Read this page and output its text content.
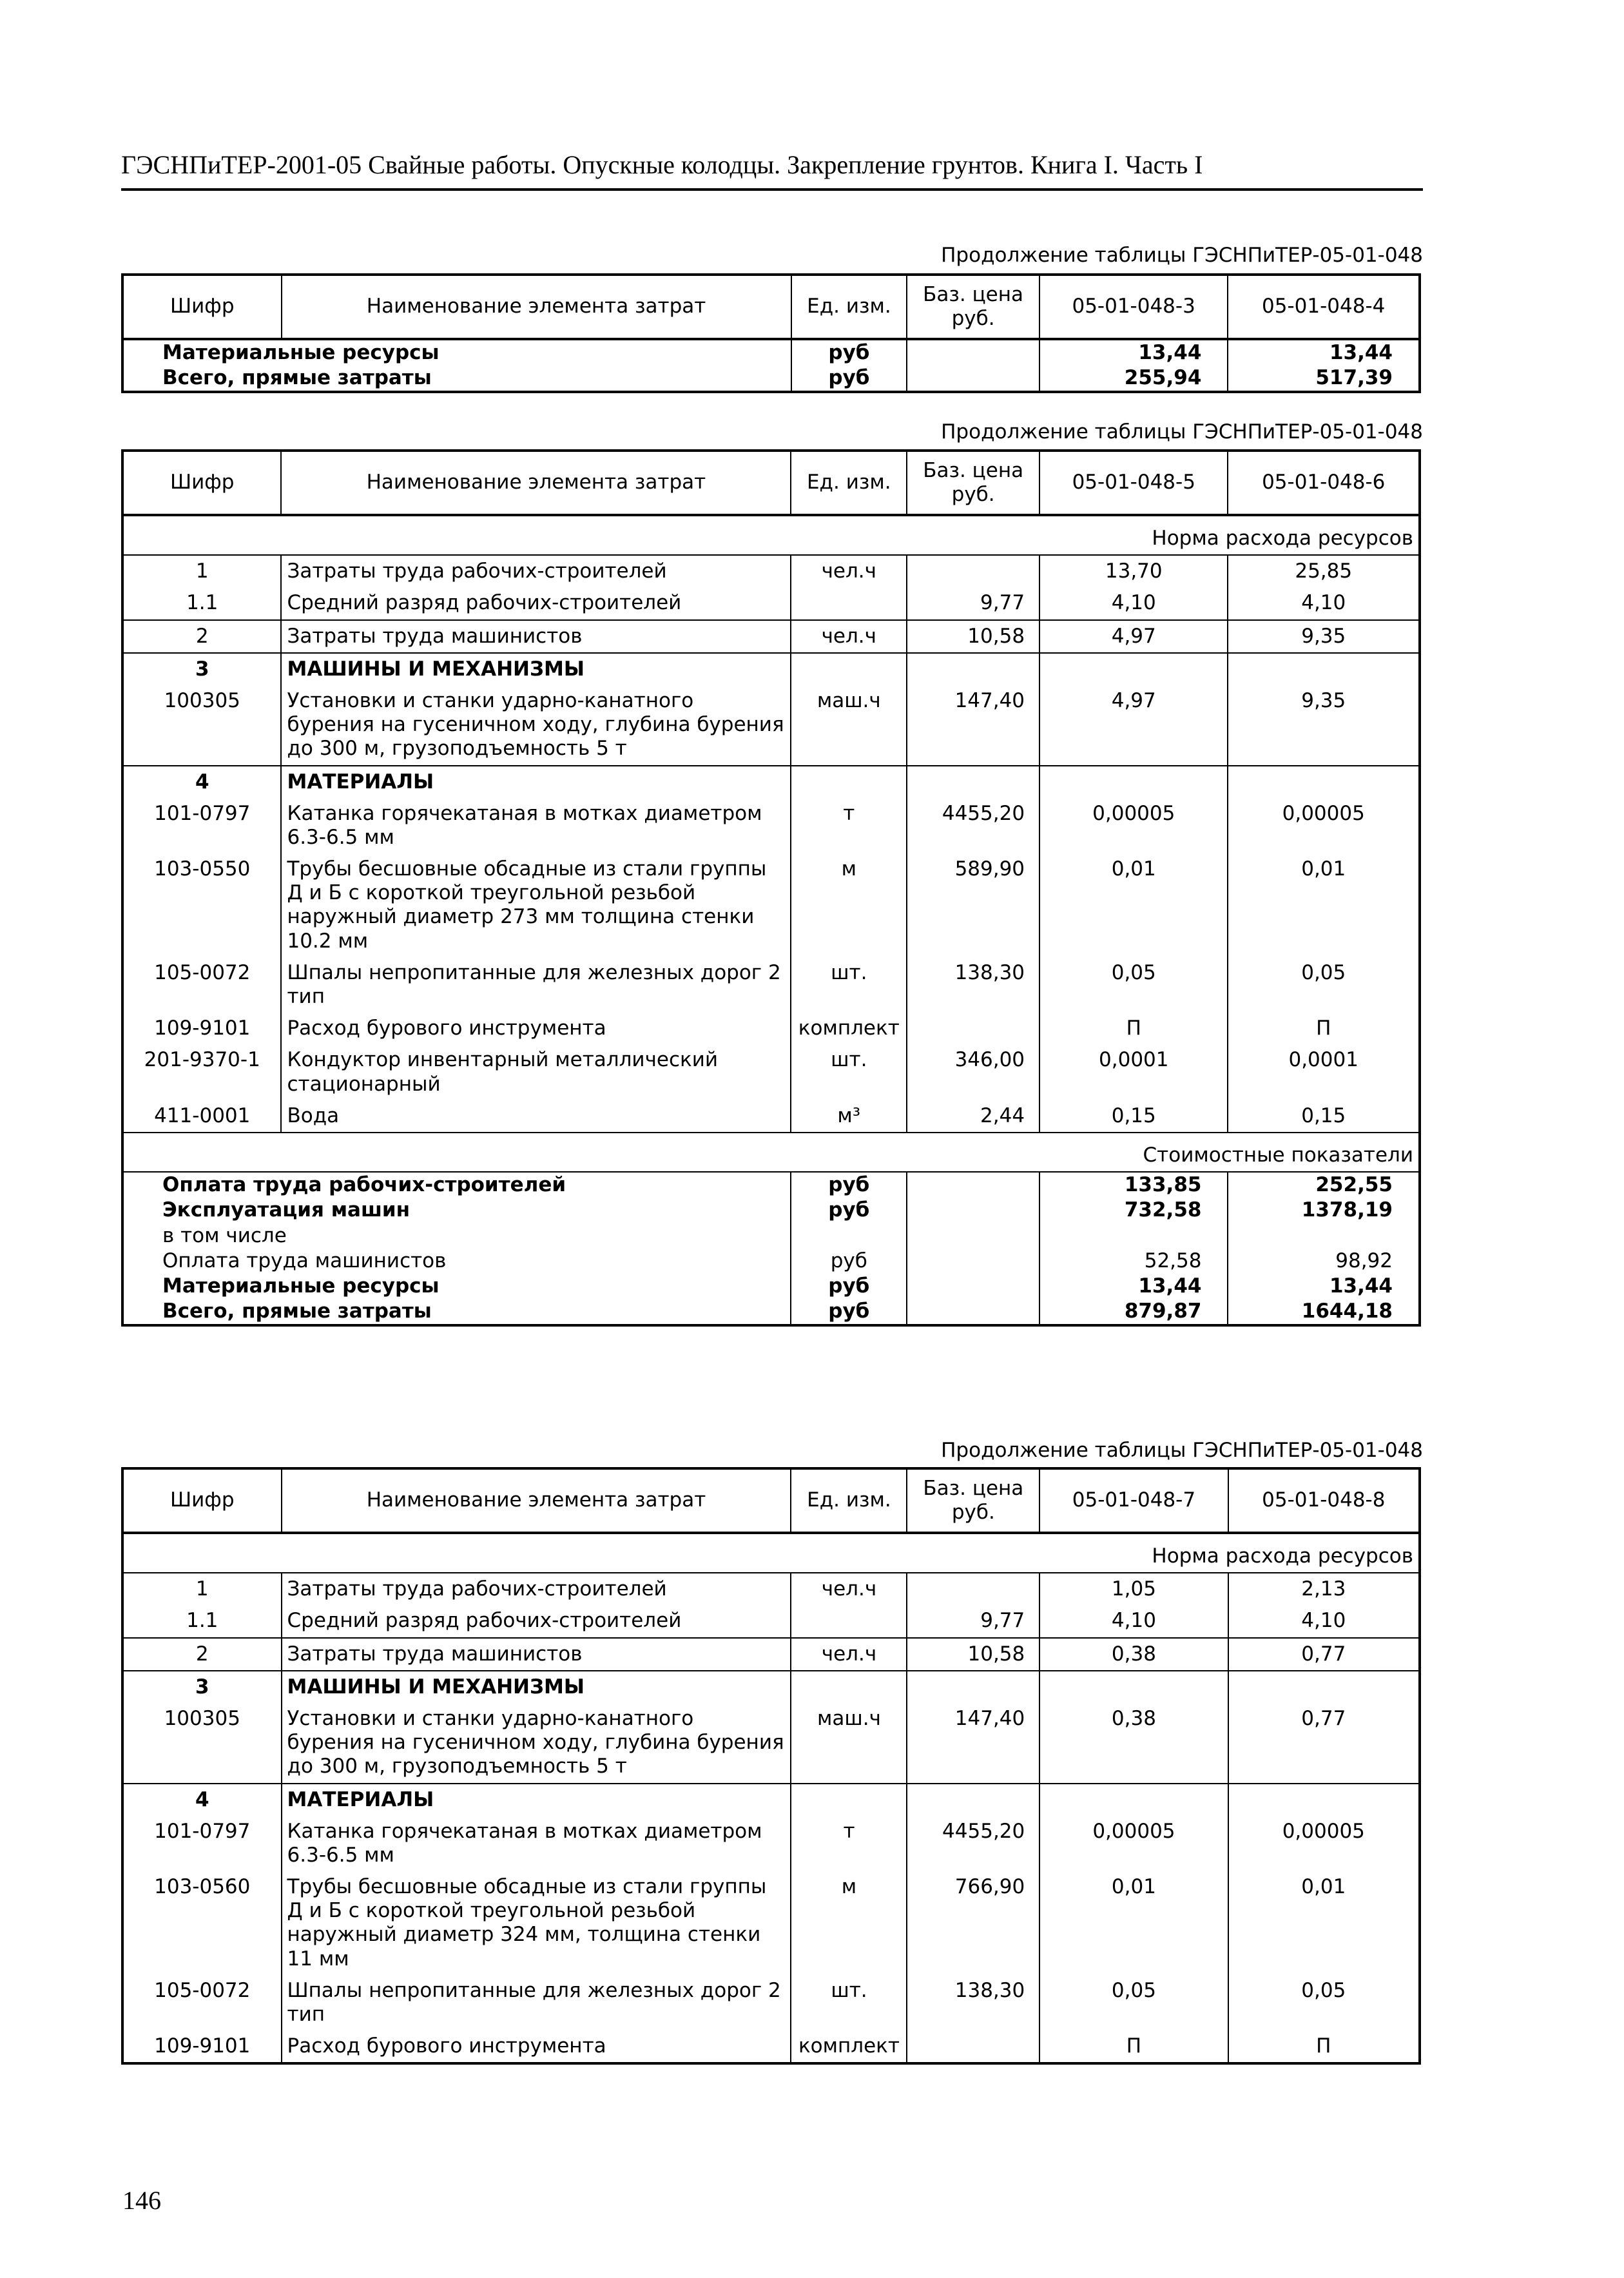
ГЭСНПиТЕР-2001-05 Свайные работы. Опускные колодцы. Закрепление грунтов. Книга I. Часть I
Продолжение таблицы ГЭСНПиТЕР-05-01-048
Шифр	Наименование элемента затрат	Ед. изм.	Баз. цена руб.	05-01-048-3	05-01-048-4
Материальные ресурсы		руб		13,44	13,44
Всего, прямые затраты		руб		255,94	517,39
Продолжение таблицы ГЭСНПиТЕР-05-01-048
Шифр	Наименование элемента затрат	Ед. изм.	Баз. цена руб.	05-01-048-5	05-01-048-6
Норма расхода ресурсов					
1	Затраты труда рабочих-строителей	чел.ч		13,70	25,85
1.1	Средний разряд рабочих-строителей		9,77	4,10	4,10
2	Затраты труда машинистов	чел.ч	10,58	4,97	9,35
3	МАШИНЫ И МЕХАНИЗМЫ				
100305	Установки и станки ударно-канатного бурения на гусеничном ходу, глубина бурения до 300 м, грузоподъемность 5 т	маш.ч	147,40	4,97	9,35
4	МАТЕРИАЛЫ				
101-0797	Катанка горячекатаная в мотках диаметром 6.3-6.5 мм	т	4455,20	0,00005	0,00005
103-0550	Трубы бесшовные обсадные из стали группы Д и Б с короткой треугольной резьбой наружный диаметр 273 мм толщина стенки 10.2 мм	м	589,90	0,01	0,01
105-0072	Шпалы непропитанные для железных дорог 2 тип	шт.	138,30	0,05	0,05
109-9101	Расход бурового инструмента	комплект		П	П
201-9370-1	Кондуктор инвентарный металлический стационарный	шт.	346,00	0,0001	0,0001
411-0001	Вода	м³	2,44	0,15	0,15
Стоимостные показатели					
Оплата труда рабочих-строителей		руб		133,85	252,55
Эксплуатация машин		руб		732,58	1378,19
в том числе					
Оплата труда машинистов		руб		52,58	98,92
Материальные ресурсы		руб		13,44	13,44
Всего, прямые затраты		руб		879,87	1644,18
Продолжение таблицы ГЭСНПиТЕР-05-01-048
Шифр	Наименование элемента затрат	Ед. изм.	Баз. цена руб.	05-01-048-7	05-01-048-8
Норма расхода ресурсов					
1	Затраты труда рабочих-строителей	чел.ч		1,05	2,13
1.1	Средний разряд рабочих-строителей		9,77	4,10	4,10
2	Затраты труда машинистов	чел.ч	10,58	0,38	0,77
3	МАШИНЫ И МЕХАНИЗМЫ				
100305	Установки и станки ударно-канатного бурения на гусеничном ходу, глубина бурения до 300 м, грузоподъемность 5 т	маш.ч	147,40	0,38	0,77
4	МАТЕРИАЛЫ				
101-0797	Катанка горячекатаная в мотках диаметром 6.3-6.5 мм	т	4455,20	0,00005	0,00005
103-0560	Трубы бесшовные обсадные из стали группы Д и Б с короткой треугольной резьбой наружный диаметр 324 мм, толщина стенки 11 мм	м	766,90	0,01	0,01
105-0072	Шпалы непропитанные для железных дорог 2 тип	шт.	138,30	0,05	0,05
109-9101	Расход бурового инструмента	комплект		П	П
146
